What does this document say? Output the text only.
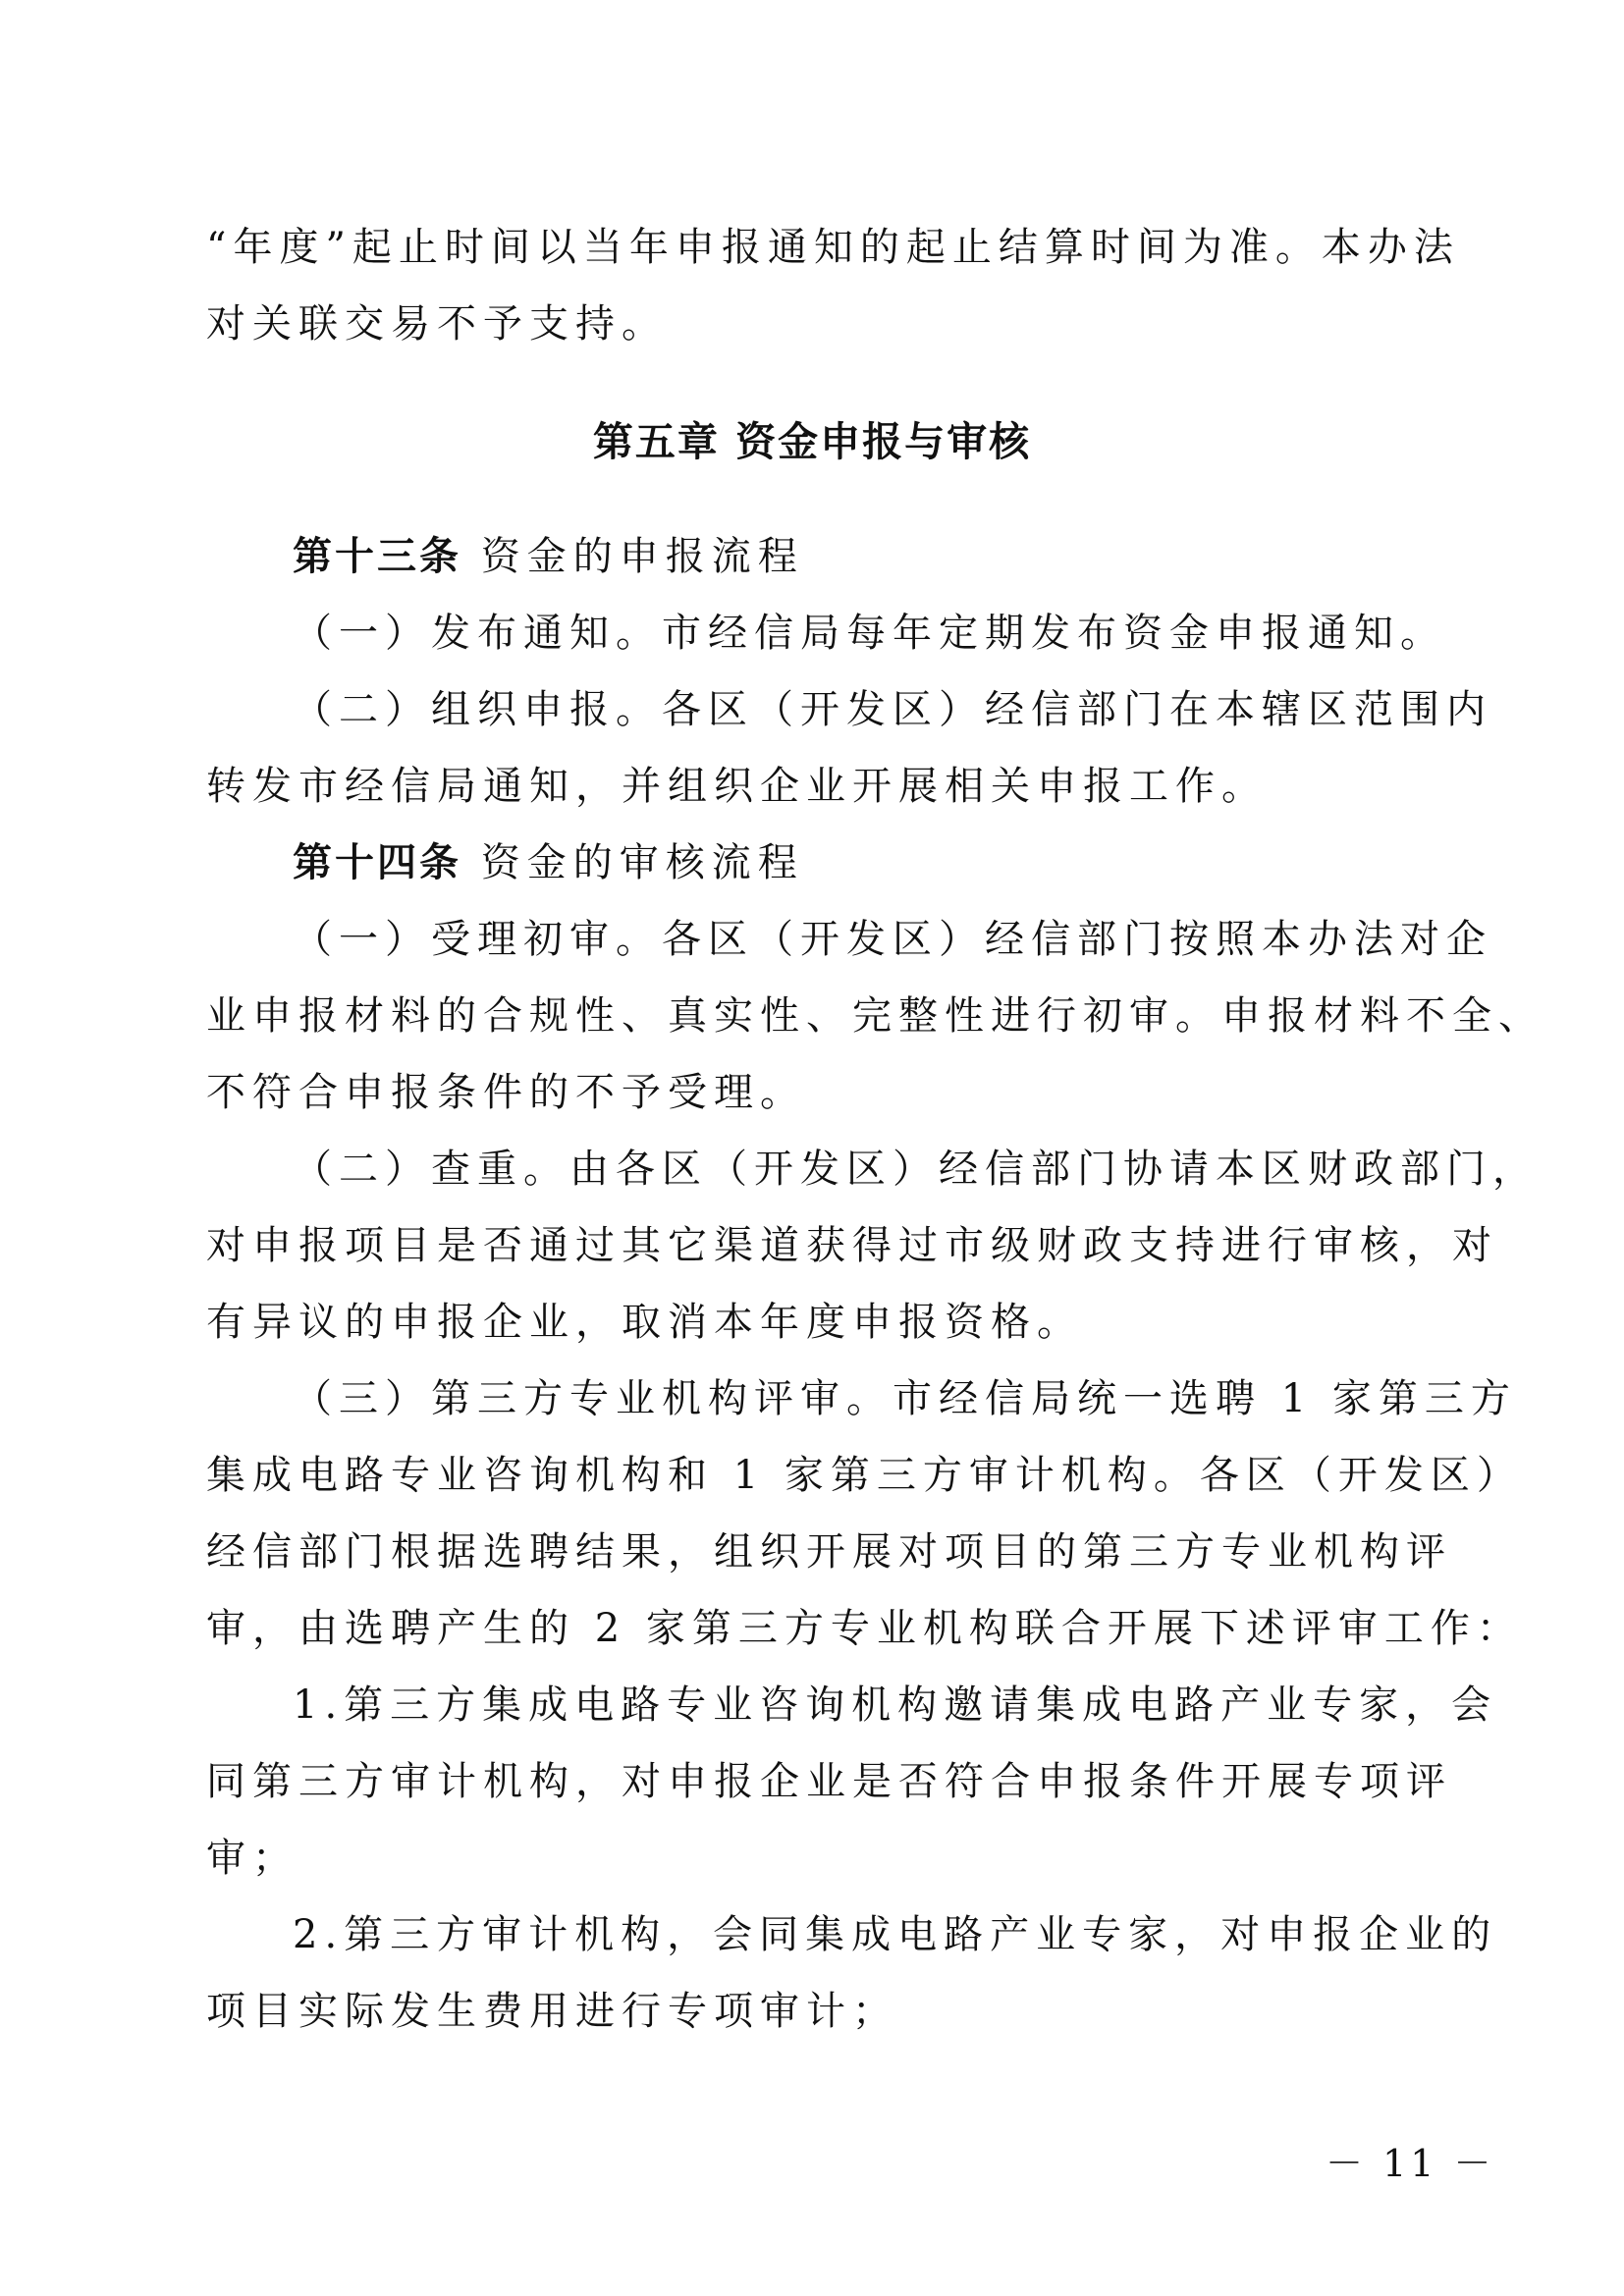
“年度”起止时间以当年申报通知的起止结算时间为准。本办法
对关联交易不予支持。
第五章 资金申报与审核
第十三条 资金的申报流程
（一）发布通知。市经信局每年定期发布资金申报通知。
（二）组织申报。各区（开发区）经信部门在本辖区范围内
转发市经信局通知，并组织企业开展相关申报工作。
第十四条 资金的审核流程
（一）受理初审。各区（开发区）经信部门按照本办法对企
业申报材料的合规性、真实性、完整性进行初审。申报材料不全、
不符合申报条件的不予受理。
（二）查重。由各区（开发区）经信部门协请本区财政部门，
对申报项目是否通过其它渠道获得过市级财政支持进行审核，对
有异议的申报企业，取消本年度申报资格。
（三）第三方专业机构评审。市经信局统一选聘 1 家第三方
集成电路专业咨询机构和 1 家第三方审计机构。各区（开发区）
经信部门根据选聘结果，组织开展对项目的第三方专业机构评
审，由选聘产生的 2 家第三方专业机构联合开展下述评审工作：
1.第三方集成电路专业咨询机构邀请集成电路产业专家，会
同第三方审计机构，对申报企业是否符合申报条件开展专项评
审；
2.第三方审计机构，会同集成电路产业专家，对申报企业的
项目实际发生费用进行专项审计；
－ 11 －
